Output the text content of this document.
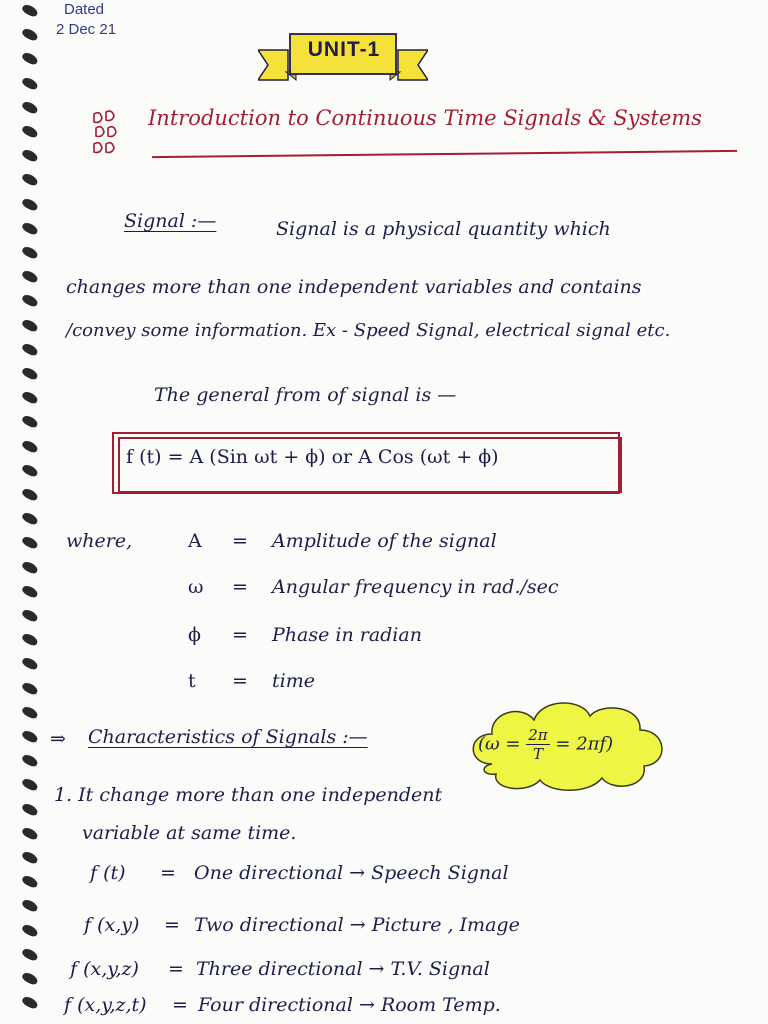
Dated
2 Dec 21
UNIT-1
Introduction to Continuous Time Signals & Systems
Signal :—	Signal is a physical quantity which
changes more than one independent variables and contains
/convey some information. Ex - Speed Signal, electrical signal etc.
The general from of signal is —
f (t) = A (Sin ωt + ϕ) or A Cos (ωt + ϕ)
where,	A = Amplitude of the signal
ω = Angular frequency in rad./sec
ϕ = Phase in radian
t = time
⇒ Characteristics of Signals :—	$(\omega = \frac{2\pi}{T} = 2\pi f)$
1. It change more than one independent
variable at same time.
f (t) = One directional → Speech Signal
f (x,y) = Two directional → Picture , Image
f (x,y,z) = Three directional → T.V. Signal
f (x,y,z,t) = Four directional → Room Temp.
